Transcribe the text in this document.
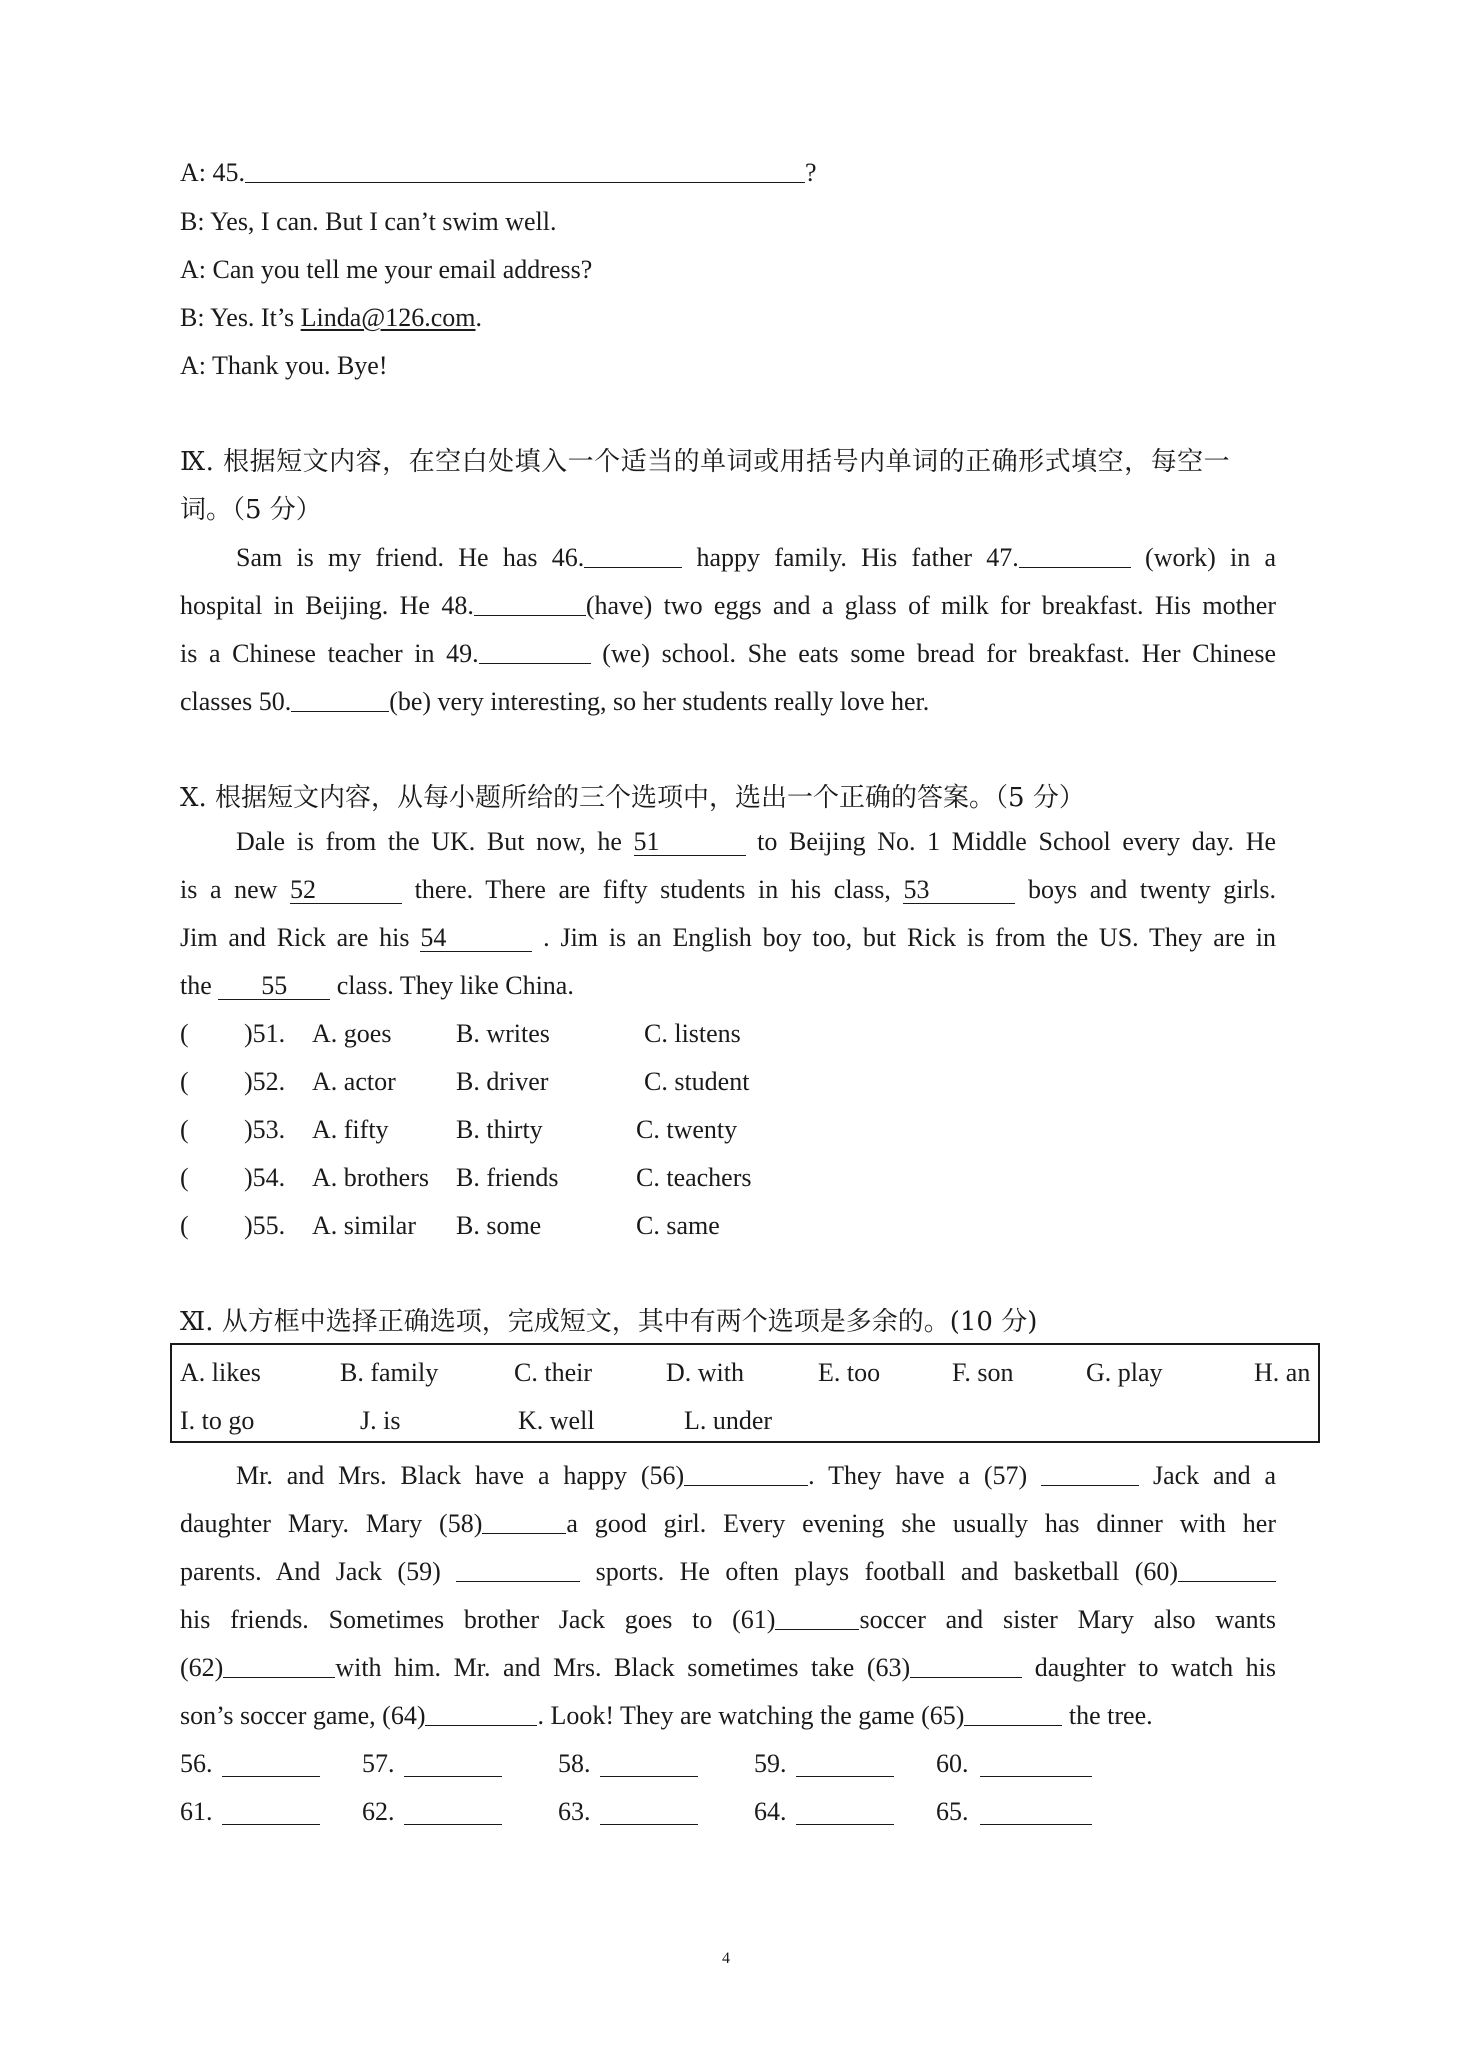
A: 45.	?
B: Yes, I can. But I can’t swim well.
A: Can you tell me your email address?
B: Yes. It’s Linda@126.com.
A: Thank you. Bye!
Ⅸ. 根据短文内容，在空白处填入一个适当的单词或用括号内单词的正确形式填空，每空一
词。（5 分）
Sam is my friend. He has 46.	happy family. His father 47.	(work) in a
hospital in Beijing. He 48.	(have) two eggs and a glass of milk for breakfast. His mother
is a Chinese teacher in 49.	(we) school. She eats some bread for breakfast. Her Chinese
classes 50.	(be) very interesting, so her students really love her.
Ⅹ. 根据短文内容，从每小题所给的三个选项中，选出一个正确的答案。（5 分）
Dale is from the UK. But now, he 51	to Beijing No. 1 Middle School every day. He
is a new 52	there. There are fifty students in his class, 53	boys and twenty girls.
Jim and Rick are his 54	. Jim is an English boy too, but Rick is from the US. They are in
the 55 class. They like China.
( )51. A. goes B. writes	C. listens
( )52. A. actor B. driver	C. student
( )53. A. fifty	B. thirty	C. twenty
( )54. A. brothers B. friends	C. teachers
( )55. A. similar B. some	C. same
Ⅺ. 从方框中选择正确选项，完成短文，其中有两个选项是多余的。(10 分)
A. likes	B. family	C. their	D. with	E. too	F. son	G. play	H. an
I. to go	J. is	K. well	L. under
Mr. and Mrs. Black have a happy (56)	. They have a (57)	Jack and a
daughter Mary. Mary (58)	a good girl. Every evening she usually has dinner with her
parents. And Jack (59)	sports. He often plays football and basketball (60)
his friends. Sometimes brother Jack goes to (61)	soccer and sister Mary also wants
(62)	with him. Mr. and Mrs. Black sometimes take (63)	daughter to watch his
son’s soccer game, (64)	. Look! They are watching the game (65)	the tree.
56.	57.	58.	59.	60.
61.	62.	63.	64.	65.
4
